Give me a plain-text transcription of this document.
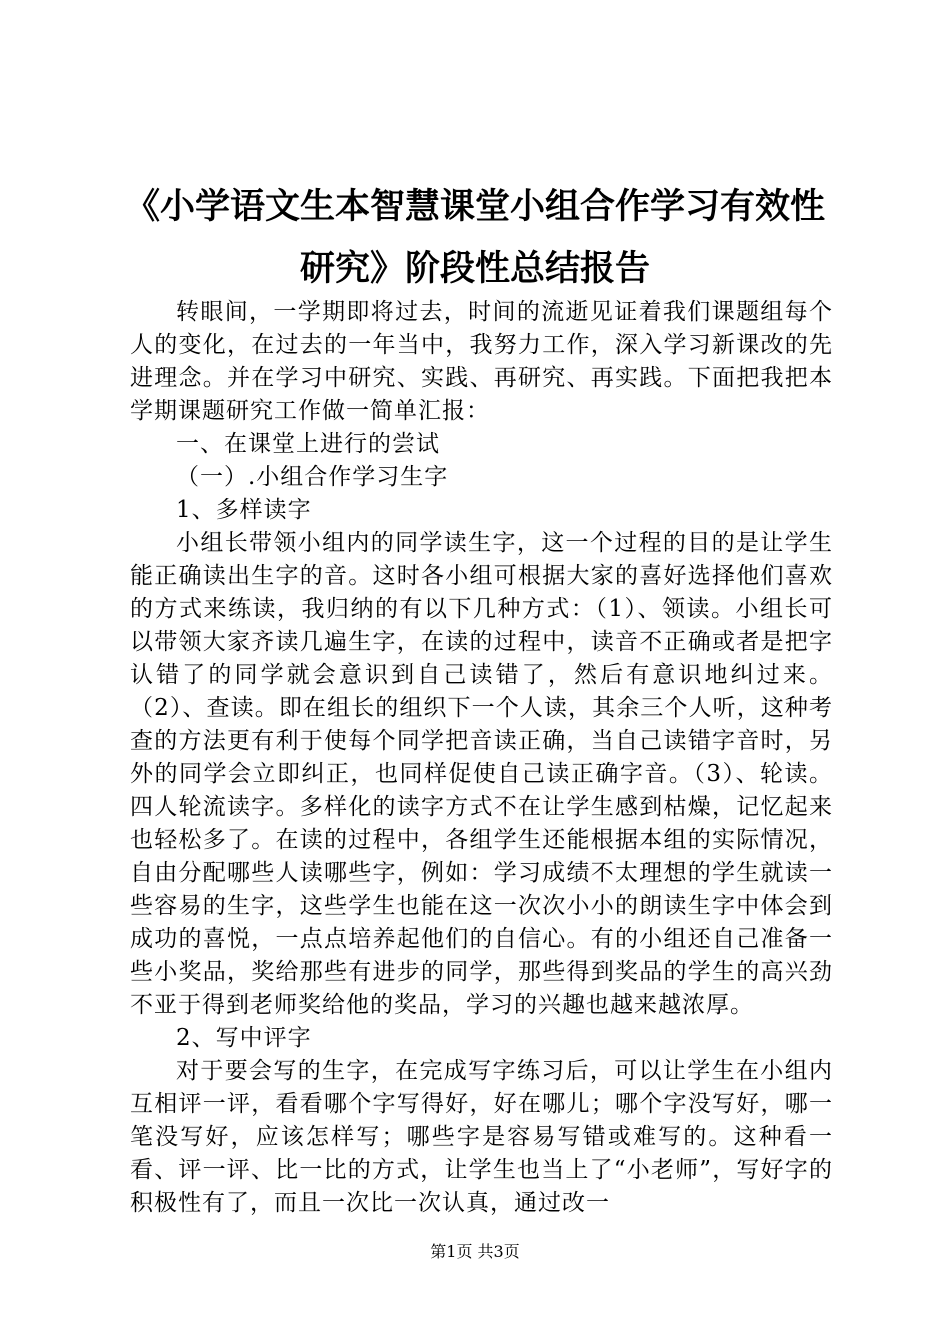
《小学语文生本智慧课堂小组合作学习有效性
研究》阶段性总结报告

转眼间，一学期即将过去，时间的流逝见证着我们课题组每个人的变化，在过去的一年当中，我努力工作，深入学习新课改的先进理念。并在学习中研究、实践、再研究、再实践。下面把我把本学期课题研究工作做一简单汇报：

一、在课堂上进行的尝试

（一）.小组合作学习生字

1、多样读字

小组长带领小组内的同学读生字，这一个过程的目的是让学生能正确读出生字的音。这时各小组可根据大家的喜好选择他们喜欢的方式来练读，我归纳的有以下几种方式：（1）、领读。小组长可以带领大家齐读几遍生字，在读的过程中，读音不正确或者是把字认错了的同学就会意识到自己读错了，然后有意识地纠过来。（2）、查读。即在组长的组织下一个人读，其余三个人听，这种考查的方法更有利于使每个同学把音读正确，当自己读错字音时，另外的同学会立即纠正，也同样促使自己读正确字音。（3）、轮读。四人轮流读字。多样化的读字方式不在让学生感到枯燥，记忆起来也轻松多了。在读的过程中，各组学生还能根据本组的实际情况，自由分配哪些人读哪些字，例如：学习成绩不太理想的学生就读一些容易的生字，这些学生也能在这一次次小小的朗读生字中体会到成功的喜悦，一点点培养起他们的自信心。有的小组还自己准备一些小奖品，奖给那些有进步的同学，那些得到奖品的学生的高兴劲不亚于得到老师奖给他的奖品，学习的兴趣也越来越浓厚。

2、写中评字

对于要会写的生字，在完成写字练习后，可以让学生在小组内互相评一评，看看哪个字写得好，好在哪儿；哪个字没写好，哪一笔没写好，应该怎样写；哪些字是容易写错或难写的。这种看一看、评一评、比一比的方式，让学生也当上了“小老师”，写好字的积极性有了，而且一次比一次认真，通过改一

第1页 共3页
